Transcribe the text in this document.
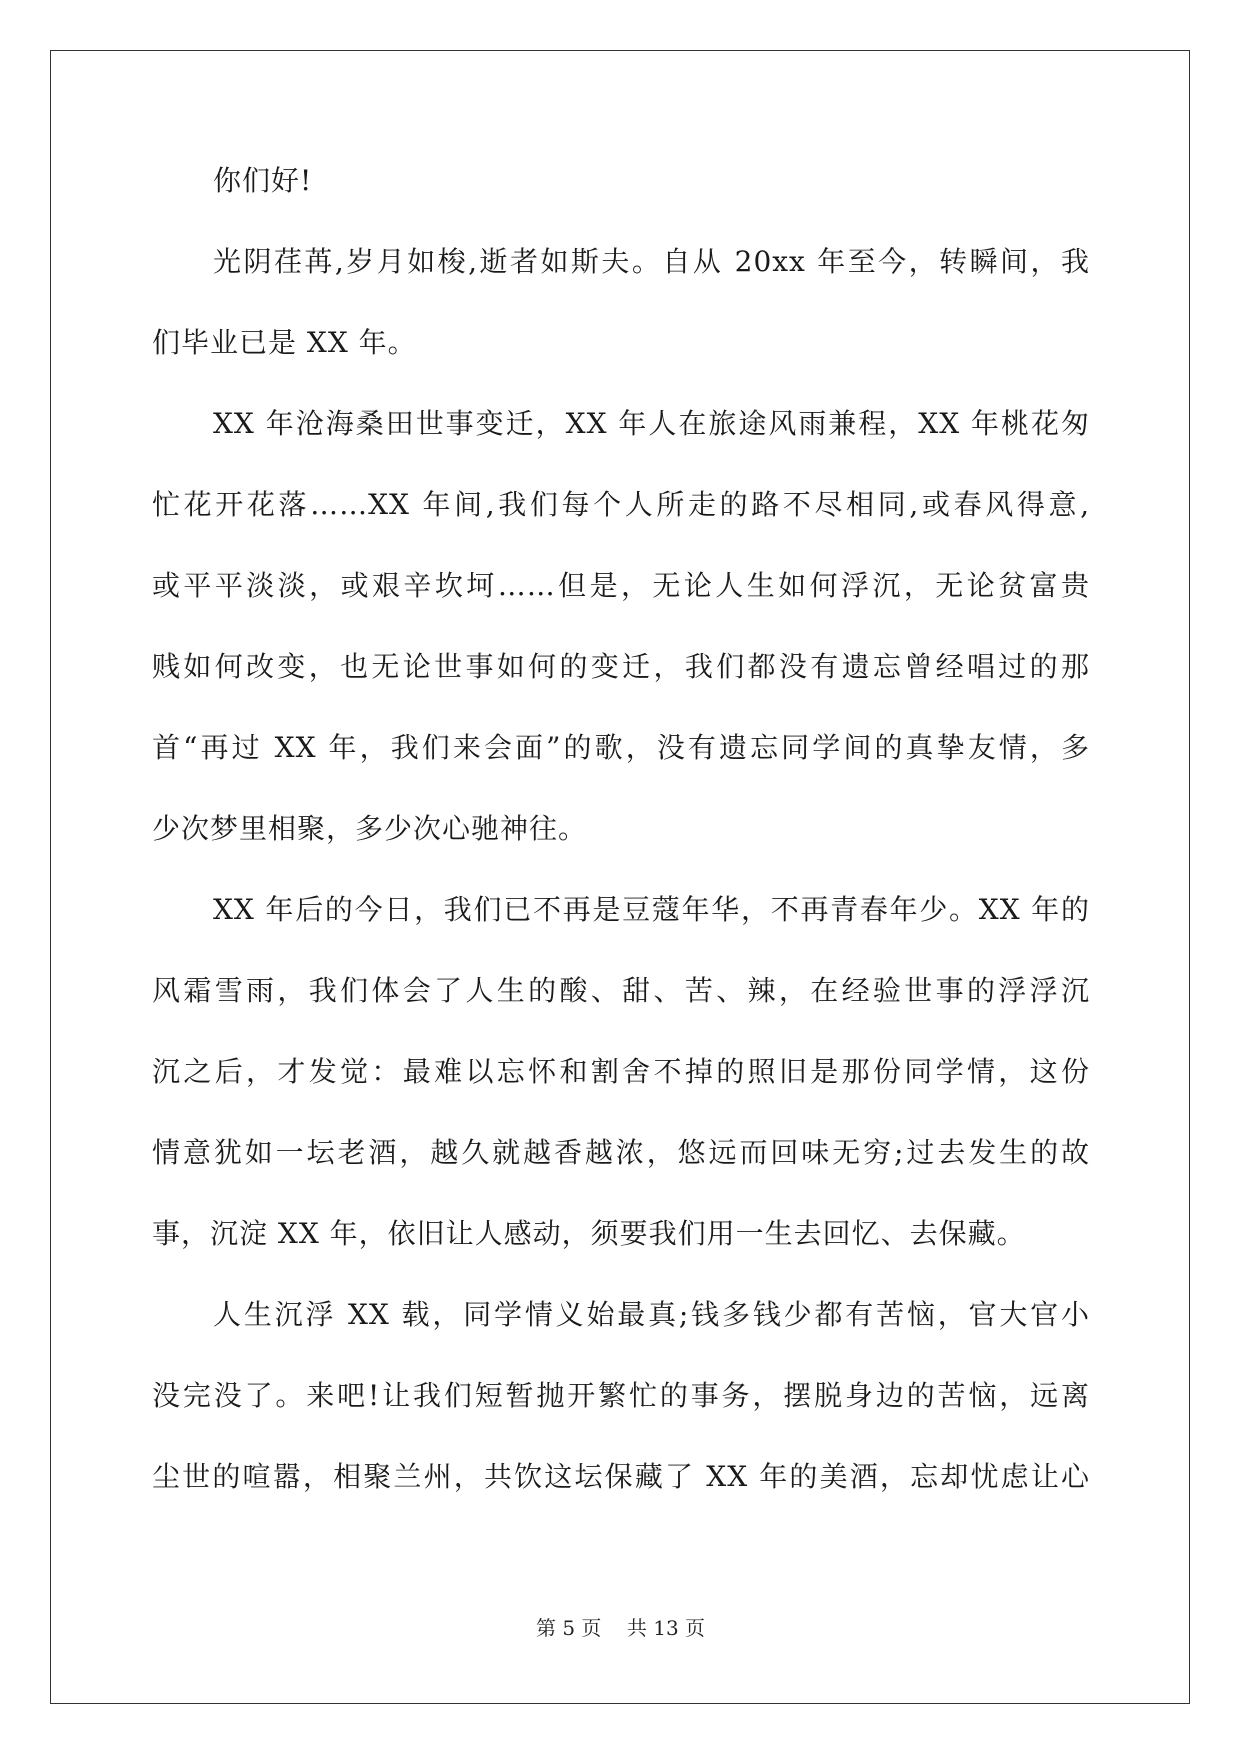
你们好!
光阴荏苒,岁月如梭,逝者如斯夫。自从 20xx 年至今，转瞬间，我
们毕业已是 XX 年。
XX 年沧海桑田世事变迁，XX 年人在旅途风雨兼程，XX 年桃花匆
忙花开花落……XX 年间,我们每个人所走的路不尽相同,或春风得意,
或平平淡淡，或艰辛坎坷……但是，无论人生如何浮沉，无论贫富贵
贱如何改变，也无论世事如何的变迁，我们都没有遗忘曾经唱过的那
首“再过 XX 年，我们来会面”的歌，没有遗忘同学间的真挚友情，多
少次梦里相聚，多少次心驰神往。
XX 年后的今日，我们已不再是豆蔻年华，不再青春年少。XX 年的
风霜雪雨，我们体会了人生的酸、甜、苦、辣，在经验世事的浮浮沉
沉之后，才发觉：最难以忘怀和割舍不掉的照旧是那份同学情，这份
情意犹如一坛老酒，越久就越香越浓，悠远而回味无穷;过去发生的故
事，沉淀 XX 年，依旧让人感动，须要我们用一生去回忆、去保藏。
人生沉浮 XX 载，同学情义始最真;钱多钱少都有苦恼，官大官小
没完没了。来吧!让我们短暂抛开繁忙的事务，摆脱身边的苦恼，远离
尘世的喧嚣，相聚兰州，共饮这坛保藏了 XX 年的美酒，忘却忧虑让心
第 5 页 共 13 页
